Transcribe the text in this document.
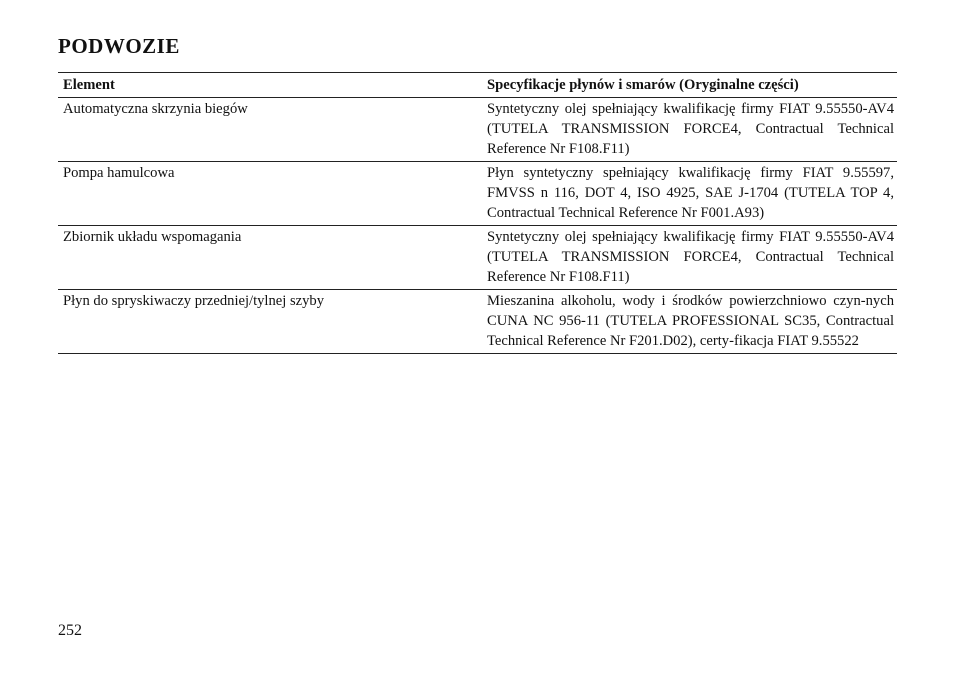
PODWOZIE
Element	Specyfikacje płynów i smarów (Oryginalne części)
Automatyczna skrzynia biegów	Syntetyczny olej spełniający kwalifikację firmy FIAT 9.55550-AV4 (TUTELA TRANSMISSION FORCE4, Contractual Technical Reference Nr F108.F11)
Pompa hamulcowa	Płyn syntetyczny spełniający kwalifikację firmy FIAT 9.55597, FMVSS n 116, DOT 4, ISO 4925, SAE J-1704 (TUTELA TOP 4, Contractual Technical Reference Nr F001.A93)
Zbiornik układu wspomagania	Syntetyczny olej spełniający kwalifikację firmy FIAT 9.55550-AV4 (TUTELA TRANSMISSION FORCE4, Contractual Technical Reference Nr F108.F11)
Płyn do spryskiwaczy przedniej/tylnej szyby	Mieszanina alkoholu, wody i środków powierzchniowo czyn-nych CUNA NC 956-11 (TUTELA PROFESSIONAL SC35, Contractual Technical Reference Nr F201.D02), certy-fikacja FIAT 9.55522
252
